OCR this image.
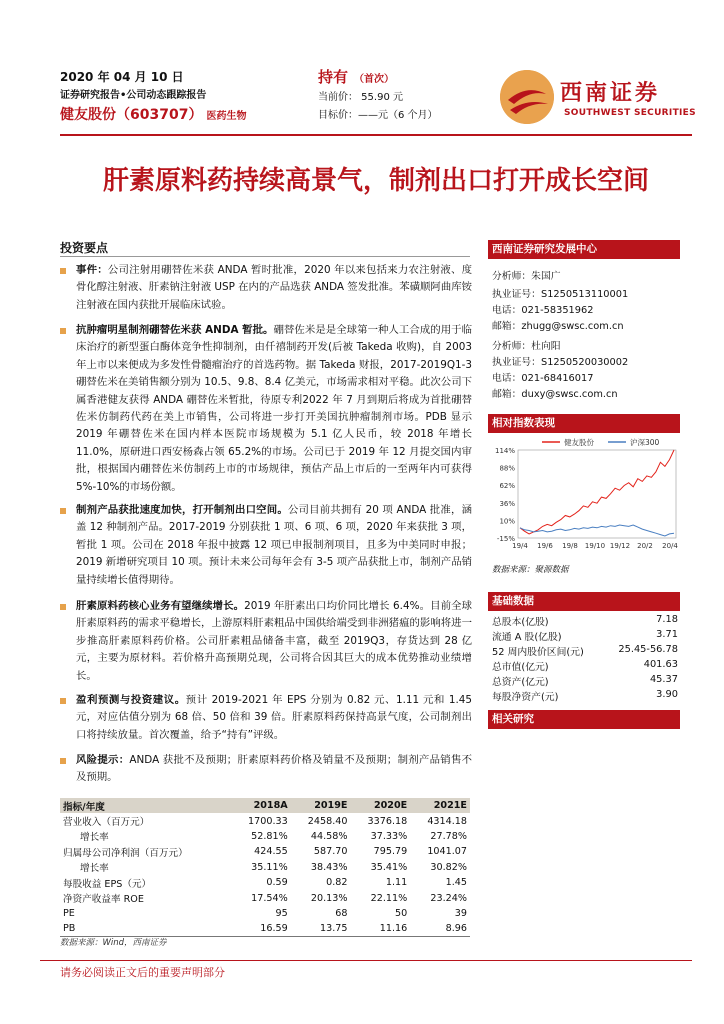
2020 年 04 月 10 日
证券研究报告•公司动态跟踪报告
健友股份（603707） 医药生物
持有 （首次）
当前价： 55.90 元
目标价：——元（6 个月）
西南证券
SOUTHWEST SECURITIES
肝素原料药持续高景气，制剂出口打开成长空间
投资要点
事件：公司注射用硼替佐米获 ANDA 暂时批准，2020 年以来包括来力农注射液、度骨化醇注射液、肝素钠注射液 USP 在内的产品选获 ANDA 签发批准。苯磺顺阿曲库铵注射液在国内获批开展临床试验。
抗肿瘤明星制剂硼替佐米获 ANDA 暂批。硼替佐米是是全球第一种人工合成的用于临床治疗的新型蛋白酶体竞争性抑制剂，由仟禧制药开发(后被 Takeda 收购)，自 2003 年上市以来便成为多发性骨髓瘤治疗的首选药物。据 Takeda 财报，2017-2019Q1-3 硼替佐米在美销售额分别为 10.5、9.8、8.4 亿美元，市场需求相对平稳。此次公司下属香港健友获得 ANDA 硼替佐米暂批，待原专利2022 年 7 月到期后将成为首批硼替佐米仿制药代药在美上市销售，公司将进一步打开美国抗肿瘤制剂市场。PDB 显示 2019 年硼替佐米在国内样本医院市场规模为 5.1 亿人民币，较 2018 年增长 11.0%，原研进口西安杨森占领 65.2%的市场。公司已于 2019 年 12 月提交国内审批，根据国内硼替佐米仿制药上市的市场规律，预估产品上市后的一至两年内可获得 5%-10%的市场份额。
制剂产品获批速度加快，打开制剂出口空间。公司目前共拥有 20 项 ANDA 批准，涵盖 12 种制剂产品。2017-2019 分别获批 1 项、6 项、6 项，2020 年来获批 3 项，暂批 1 项。公司在 2018 年报中披露 12 项已申报制剂项目，且多为中美同时申报；2019 新增研究项目 10 项。预计未来公司每年会有 3-5 项产品获批上市，制剂产品销量持续增长值得期待。
肝素原料药核心业务有望继续增长。2019 年肝素出口均价同比增长 6.4%。目前全球肝素原料药的需求平稳增长，上游原料肝素粗品中国供给端受到非洲猪瘟的影响将进一步推高肝素原料药价格。公司肝素粗品储备丰富，截至 2019Q3，存货达到 28 亿元，主要为原材料。若价格升高预期兑现，公司将合因其巨大的成本优势推动业绩增长。
盈利预测与投资建议。预计 2019-2021 年 EPS 分别为 0.82 元、1.11 元和 1.45 元，对应估值分别为 68 倍、50 倍和 39 倍。肝素原料药保持高景气度，公司制剂出口将持续放量。首次覆盖，给予“持有”评级。
风险提示：ANDA 获批不及预期；肝素原料药价格及销量不及预期；制剂产品销售不及预期。
指标/年度	2018A	2019E	2020E	2021E
营业收入（百万元）	1700.33	2458.40	3376.18	4314.18
增长率	52.81%	44.58%	37.33%	27.78%
归属母公司净利润（百万元）	424.55	587.70	795.79	1041.07
增长率	35.11%	38.43%	35.41%	30.82%
每股收益 EPS（元）	0.59	0.82	1.11	1.45
净资产收益率 ROE	17.54%	20.13%	22.11%	23.24%
PE	95	68	50	39
PB	16.59	13.75	11.16	8.96
数据来源：Wind，西南证券
请务必阅读正文后的重要声明部分
西南证券研究发展中心
分析师：朱国广
执业证号：S1250513110001
电话：021-58351962
邮箱：zhugg@swsc.com.cn
分析师：杜向阳
执业证号：S1250520030002
电话：021-68416017
邮箱：duxy@swsc.com.cn
相对指数表现
114%
88%
62%
36%
10%
-15%
19/4 19/6 19/8 19/10 19/12 20/2 20/4
健友股份	沪深300
数据来源：聚源数据
基础数据
总股本(亿股)	7.18
流通 A 股(亿股)	3.71
52 周内股价区间(元)	25.45-56.78
总市值(亿元)	401.63
总资产(亿元)	45.37
每股净资产(元)	3.90
相关研究
